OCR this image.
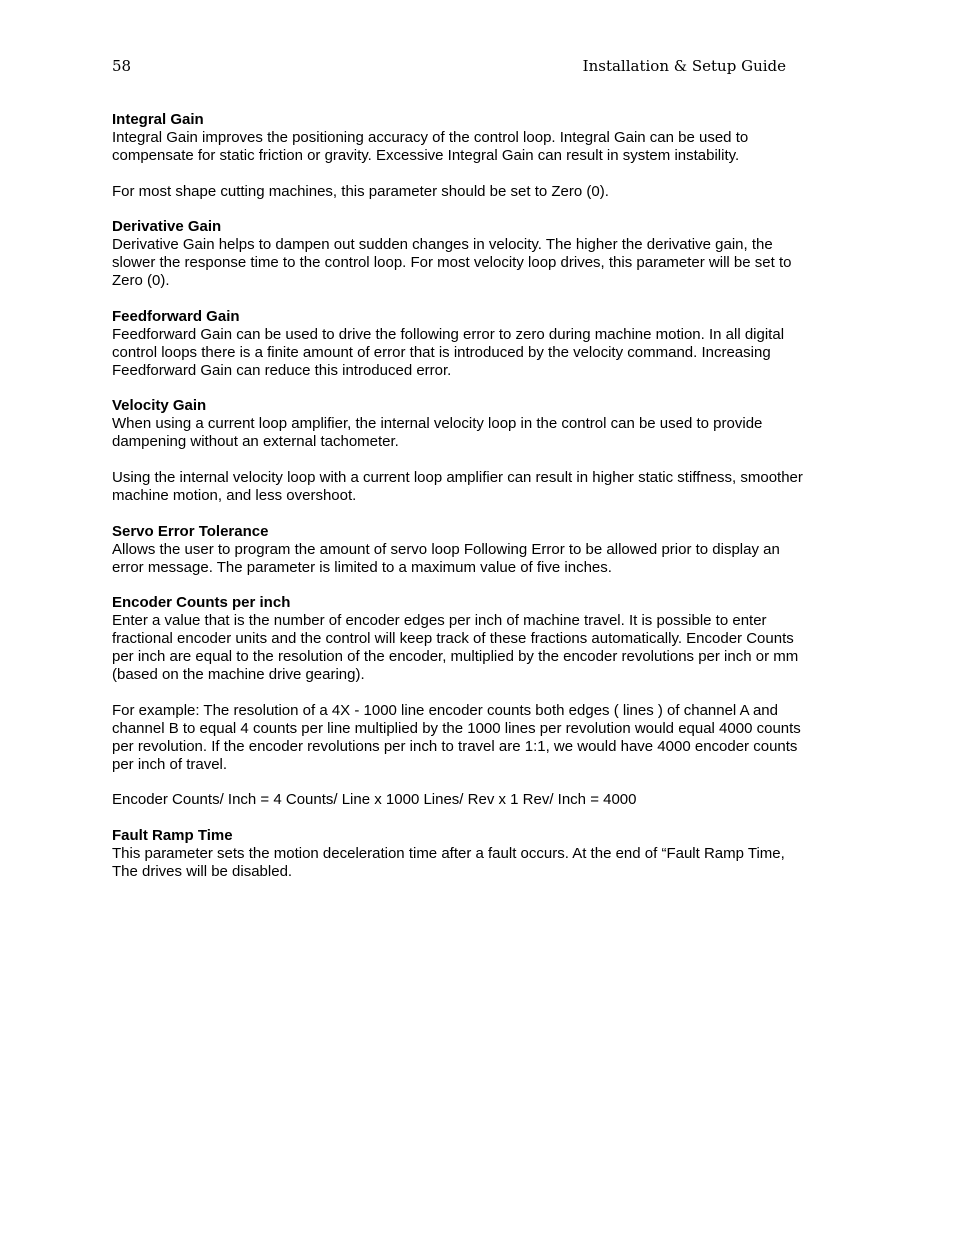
58	Installation & Setup Guide

Integral Gain

Integral Gain improves the positioning accuracy of the control loop. Integral Gain can be used to compensate for static friction or gravity. Excessive Integral Gain can result in system instability.

For most shape cutting machines, this parameter should be set to Zero (0).

Derivative Gain

Derivative Gain helps to dampen out sudden changes in velocity. The higher the derivative gain, the slower the response time to the control loop. For most velocity loop drives, this parameter will be set to Zero (0).

Feedforward Gain

Feedforward Gain can be used to drive the following error to zero during machine motion. In all digital control loops there is a finite amount of error that is introduced by the velocity command. Increasing Feedforward Gain can reduce this introduced error.

Velocity Gain

When using a current loop amplifier, the internal velocity loop in the control can be used to provide dampening without an external tachometer.

Using the internal velocity loop with a current loop amplifier can result in higher static stiffness, smoother machine motion, and less overshoot.

Servo Error Tolerance

Allows the user to program the amount of servo loop Following Error to be allowed prior to display an error message. The parameter is limited to a maximum value of five inches.

Encoder Counts per inch

Enter a value that is the number of encoder edges per inch of machine travel. It is possible to enter fractional encoder units and the control will keep track of these fractions automatically. Encoder Counts per inch are equal to the resolution of the encoder, multiplied by the encoder revolutions per inch or mm (based on the machine drive gearing).

For example: The resolution of a 4X - 1000 line encoder counts both edges ( lines ) of channel A and channel B to equal 4 counts per line multiplied by the 1000 lines per revolution would equal 4000 counts per revolution. If the encoder revolutions per inch to travel are 1:1, we would have 4000 encoder counts per inch of travel.

Encoder Counts/ Inch = 4 Counts/ Line x 1000 Lines/ Rev x 1 Rev/ Inch = 4000

Fault Ramp Time

This parameter sets the motion deceleration time after a fault occurs. At the end of “Fault Ramp Time, The drives will be disabled.
